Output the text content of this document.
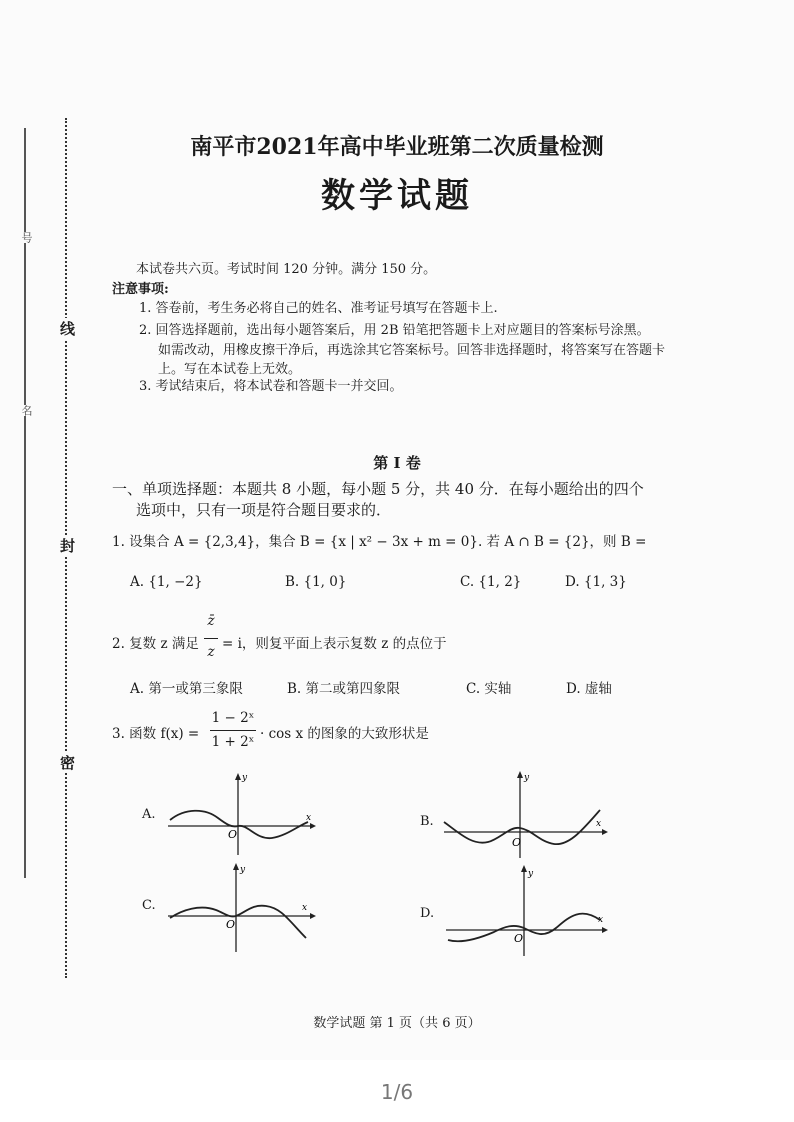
号
名
线
封
密
南平市2021年高中毕业班第二次质量检测
数学试题
本试卷共六页。考试时间 120 分钟。满分 150 分。
注意事项:
1. 答卷前，考生务必将自己的姓名、准考证号填写在答题卡上.
2. 回答选择题前，选出每小题答案后，用 2B 铅笔把答题卡上对应题目的答案标号涂黑。
如需改动，用橡皮擦干净后，再选涂其它答案标号。回答非选择题时，将答案写在答题卡
上。写在本试卷上无效。
3. 考试结束后，将本试卷和答题卡一并交回。
第 I 卷
一、单项选择题：本题共 8 小题，每小题 5 分，共 40 分．在每小题给出的四个
选项中，只有一项是符合题目要求的．
1. 设集合 A = {2,3,4}，集合 B = {x | x² − 3x + m = 0}. 若 A ∩ B = {2}，则 B =
A. {1, −2}	B. {1, 0}	C. {1, 2}	D. {1, 3}
2. 复数 z 满足
z̄
z = i，则复平面上表示复数 z 的点位于
A. 第一或第三象限	B. 第二或第四象限	C. 实轴	D. 虚轴
3. 函数 f(x) =
1 − 2ˣ
1 + 2ˣ · cos x 的图象的大致形状是
A.
y
x
O
B.
y
x
O
C.
y
x
O
D.
y
x
O
数学试题 第 1 页（共 6 页）
1/6
